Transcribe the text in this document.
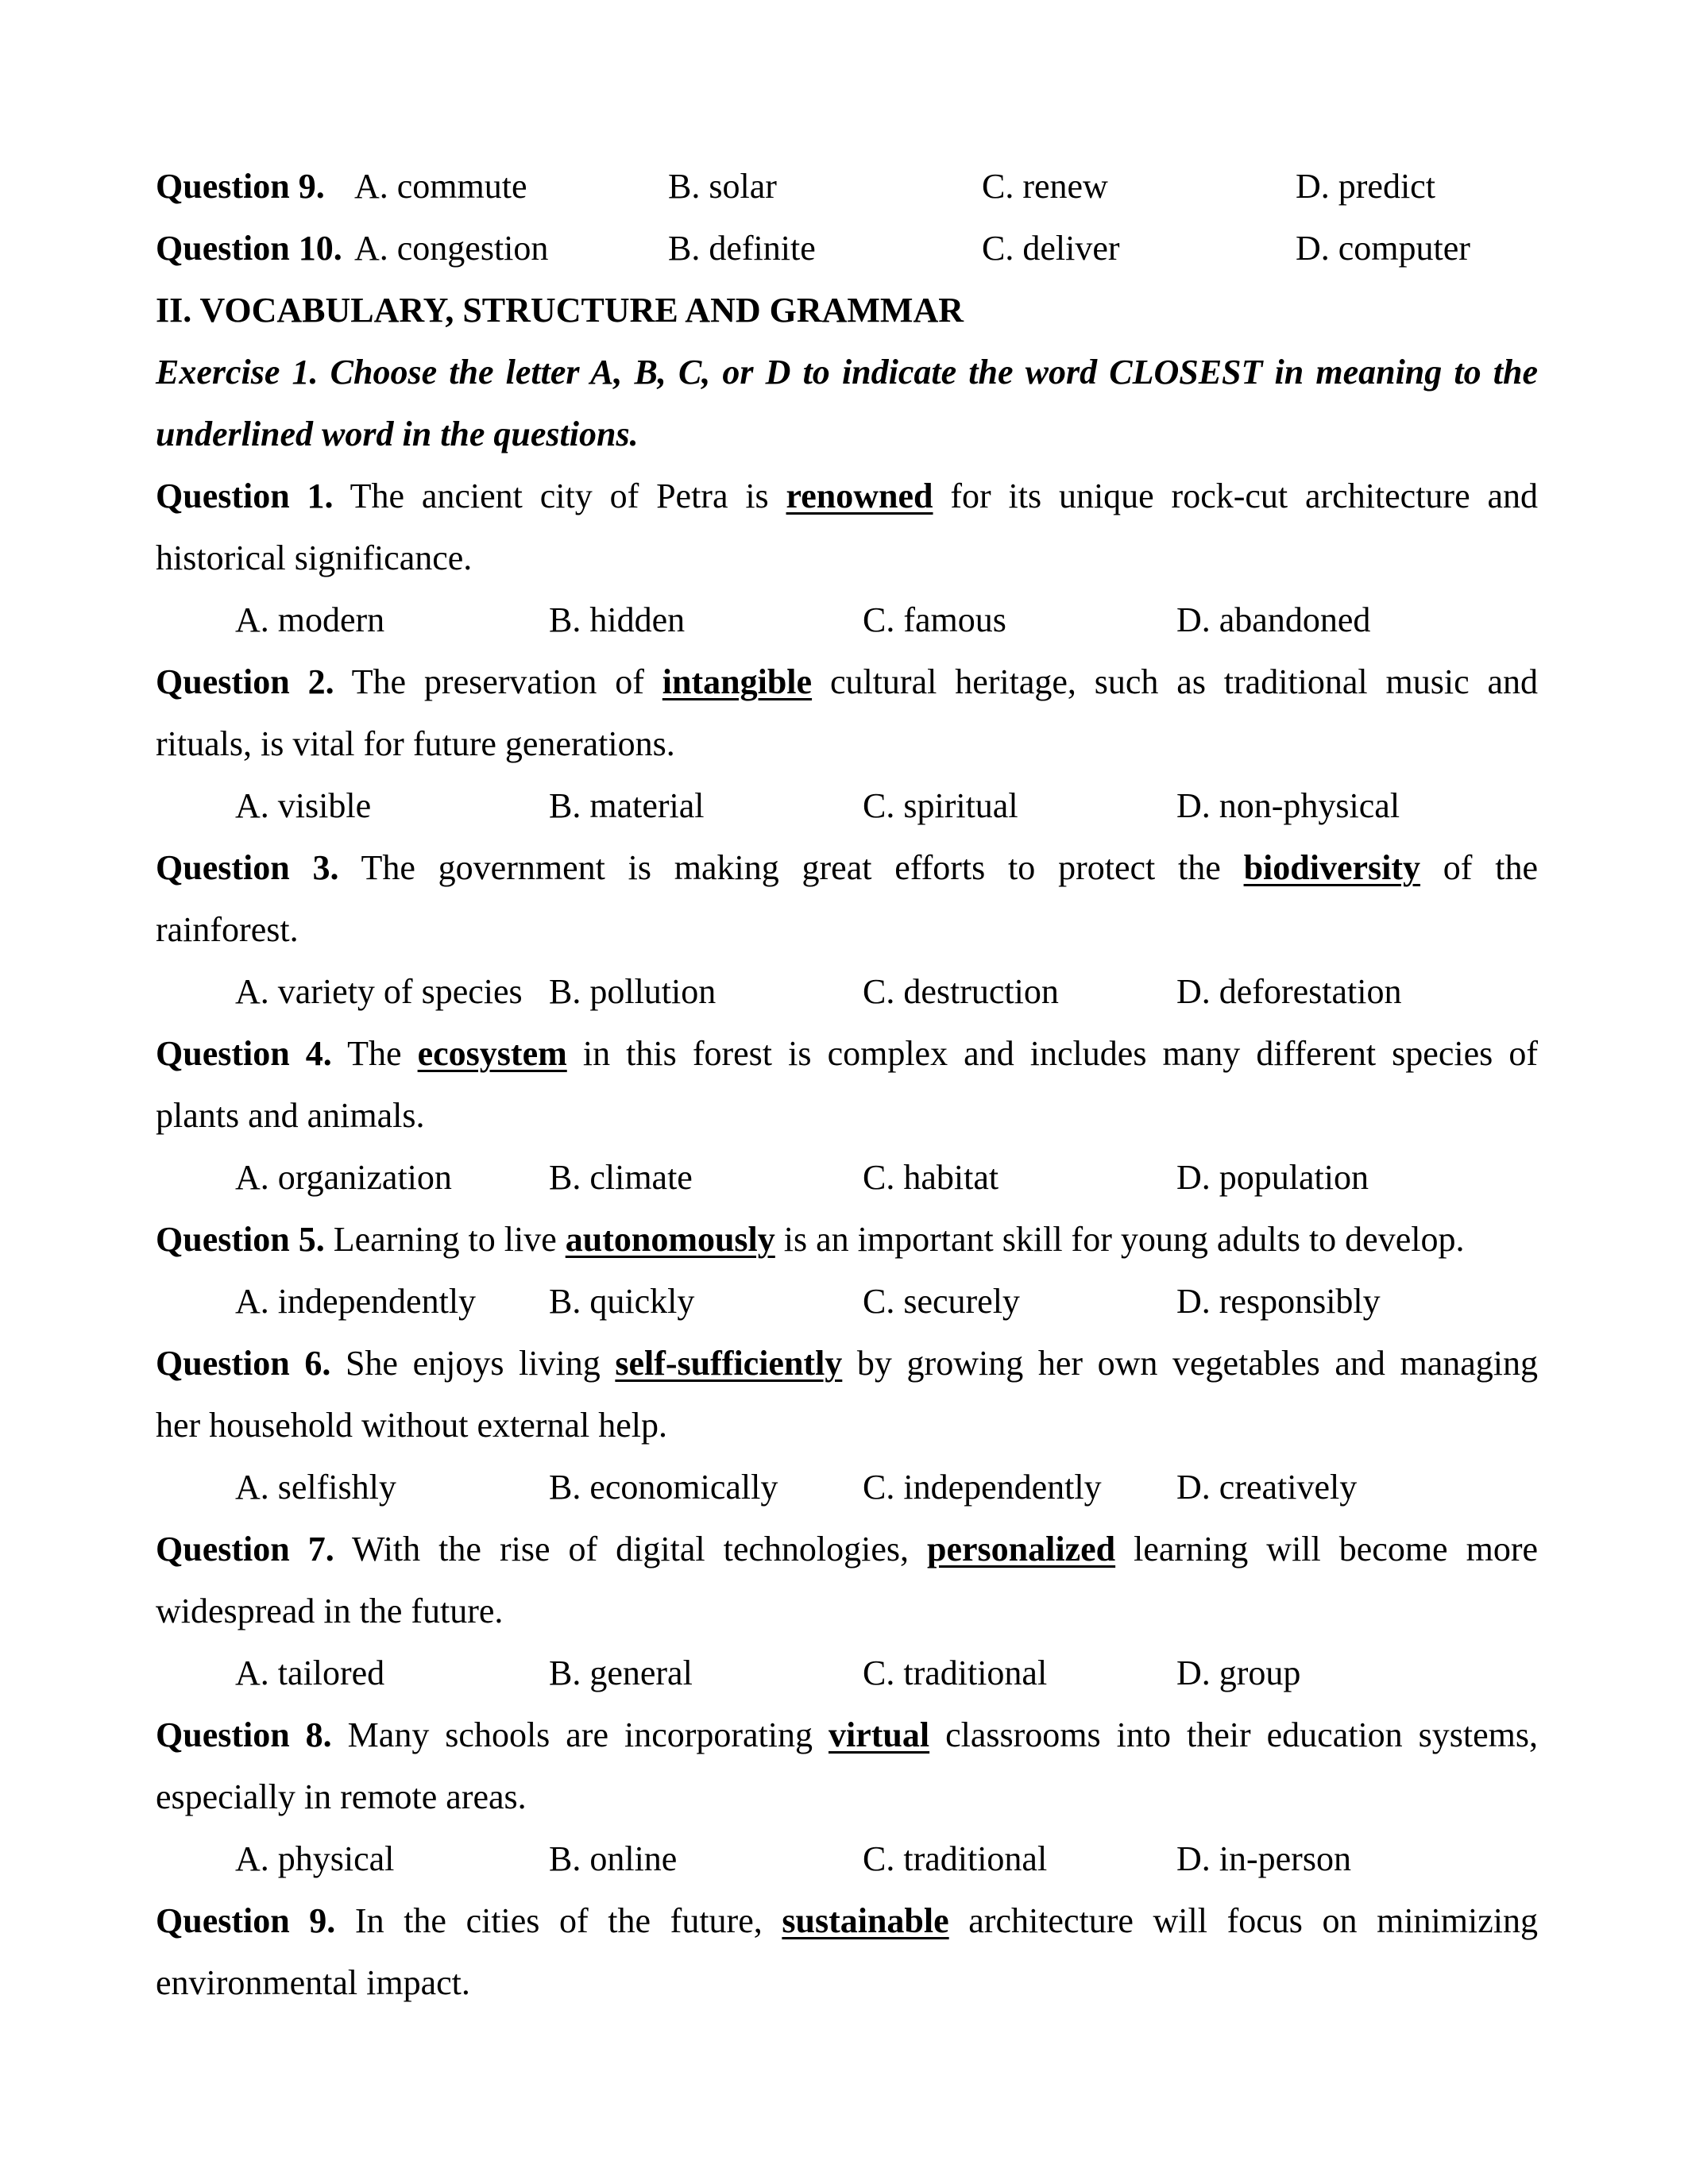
Question 9. A. commute	B. solar	C. renew	D. predict
Question 10. A. congestion	B. definite	C. deliver	D. computer
II. VOCABULARY, STRUCTURE AND GRAMMAR
Exercise 1. Choose the letter A, B, C, or D to indicate the word CLOSEST in meaning to the
underlined word in the questions.
Question 1. The ancient city of Petra is renowned for its unique rock-cut architecture and
historical significance.
A. modern	B. hidden	C. famous	D. abandoned
Question 2. The preservation of intangible cultural heritage, such as traditional music and
rituals, is vital for future generations.
A. visible	B. material	C. spiritual	D. non-physical
Question 3. The government is making great efforts to protect the biodiversity of the
rainforest.
A. variety of species B. pollution	C. destruction	D. deforestation
Question 4. The ecosystem in this forest is complex and includes many different species of
plants and animals.
A. organization	B. climate	C. habitat	D. population
Question 5. Learning to live autonomously is an important skill for young adults to develop.
A. independently B. quickly	C. securely	D. responsibly
Question 6. She enjoys living self-sufficiently by growing her own vegetables and managing
her household without external help.
A. selfishly	B. economically C. independently D. creatively
Question 7. With the rise of digital technologies, personalized learning will become more
widespread in the future.
A. tailored	B. general	C. traditional	D. group
Question 8. Many schools are incorporating virtual classrooms into their education systems,
especially in remote areas.
A. physical	B. online	C. traditional	D. in-person
Question 9. In the cities of the future, sustainable architecture will focus on minimizing
environmental impact.
